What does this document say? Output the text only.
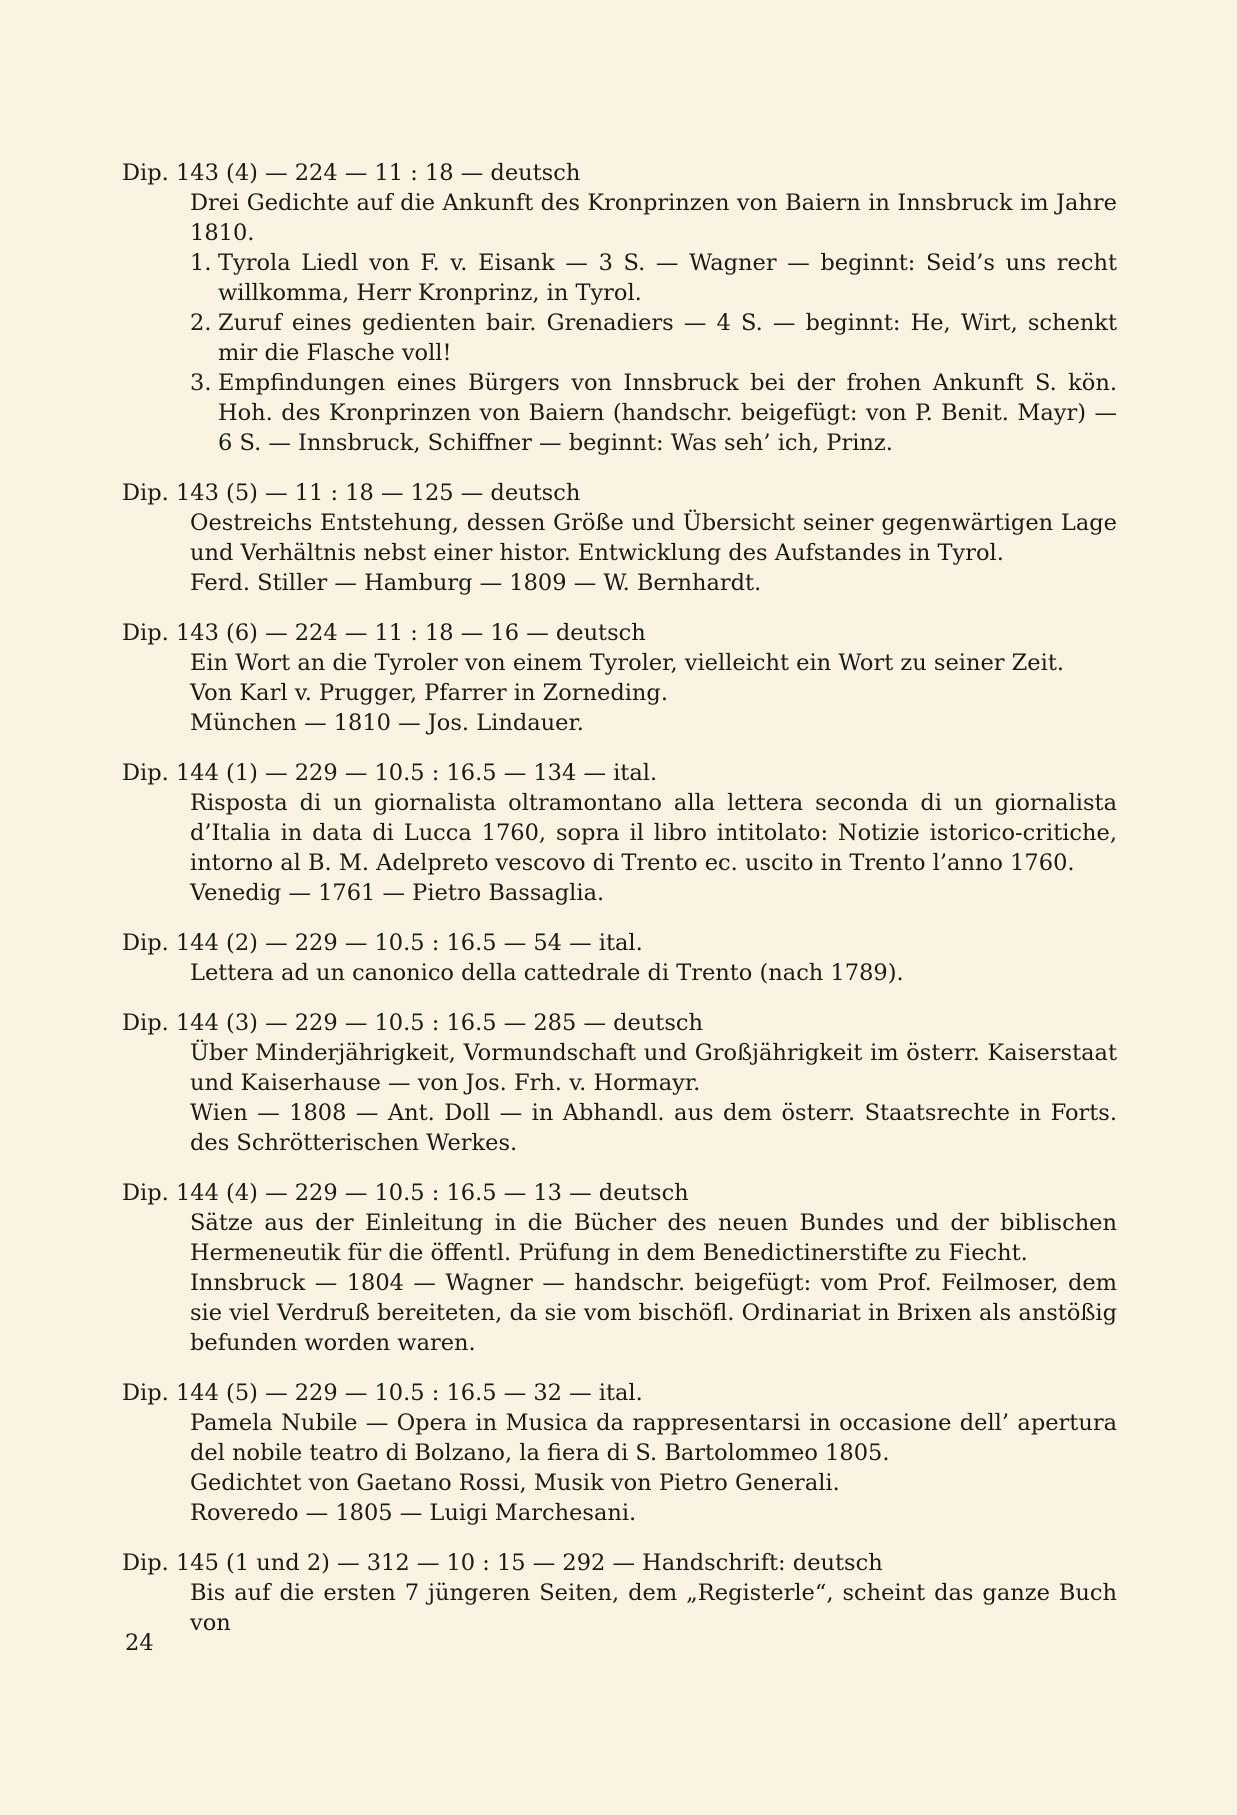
Dip. 143 (4) — 224 — 11 : 18 — deutsch

Drei Gedichte auf die Ankunft des Kronprinzen von Baiern in Innsbruck im Jahre 1810.

1. Tyrola Liedl von F. v. Eisank — 3 S. — Wagner — beginnt: Seid’s uns recht willkomma, Herr Kronprinz, in Tyrol.
2. Zuruf eines gedienten bair. Grenadiers — 4 S. — beginnt: He, Wirt, schenkt mir die Flasche voll!
3. Empfindungen eines Bürgers von Innsbruck bei der frohen Ankunft S. kön. Hoh. des Kronprinzen von Baiern (handschr. beigefügt: von P. Benit. Mayr) — 6 S. — Innsbruck, Schiffner — beginnt: Was seh’ ich, Prinz.
Dip. 143 (5) — 11 : 18 — 125 — deutsch

Oestreichs Entstehung, dessen Größe und Übersicht seiner gegenwärtigen Lage und Verhältnis nebst einer histor. Entwicklung des Aufstandes in Tyrol.

Ferd. Stiller — Hamburg — 1809 — W. Bernhardt.

Dip. 143 (6) — 224 — 11 : 18 — 16 — deutsch

Ein Wort an die Tyroler von einem Tyroler, vielleicht ein Wort zu seiner Zeit.

Von Karl v. Prugger, Pfarrer in Zorneding.

München — 1810 — Jos. Lindauer.

Dip. 144 (1) — 229 — 10.5 : 16.5 — 134 — ital.

Risposta di un giornalista oltramontano alla lettera seconda di un giornalista d’Italia in data di Lucca 1760, sopra il libro intitolato: Notizie istorico-critiche, intorno al B. M. Adelpreto vescovo di Trento ec. uscito in Trento l’anno 1760.

Venedig — 1761 — Pietro Bassaglia.

Dip. 144 (2) — 229 — 10.5 : 16.5 — 54 — ital.

Lettera ad un canonico della cattedrale di Trento (nach 1789).

Dip. 144 (3) — 229 — 10.5 : 16.5 — 285 — deutsch

Über Minderjährigkeit, Vormundschaft und Großjährigkeit im österr. Kaiserstaat und Kaiserhause — von Jos. Frh. v. Hormayr.

Wien — 1808 — Ant. Doll — in Abhandl. aus dem österr. Staatsrechte in Forts. des Schrötterischen Werkes.

Dip. 144 (4) — 229 — 10.5 : 16.5 — 13 — deutsch

Sätze aus der Einleitung in die Bücher des neuen Bundes und der biblischen Hermeneutik für die öffentl. Prüfung in dem Benedictinerstifte zu Fiecht.

Innsbruck — 1804 — Wagner — handschr. beigefügt: vom Prof. Feilmoser, dem sie viel Verdruß bereiteten, da sie vom bischöfl. Ordinariat in Brixen als anstößig befunden worden waren.

Dip. 144 (5) — 229 — 10.5 : 16.5 — 32 — ital.

Pamela Nubile — Opera in Musica da rappresentarsi in occasione dell’ apertura del nobile teatro di Bolzano, la fiera di S. Bartolommeo 1805.

Gedichtet von Gaetano Rossi, Musik von Pietro Generali.

Roveredo — 1805 — Luigi Marchesani.

Dip. 145 (1 und 2) — 312 — 10 : 15 — 292 — Handschrift: deutsch

Bis auf die ersten 7 jüngeren Seiten, dem „Registerle“, scheint das ganze Buch von

24
